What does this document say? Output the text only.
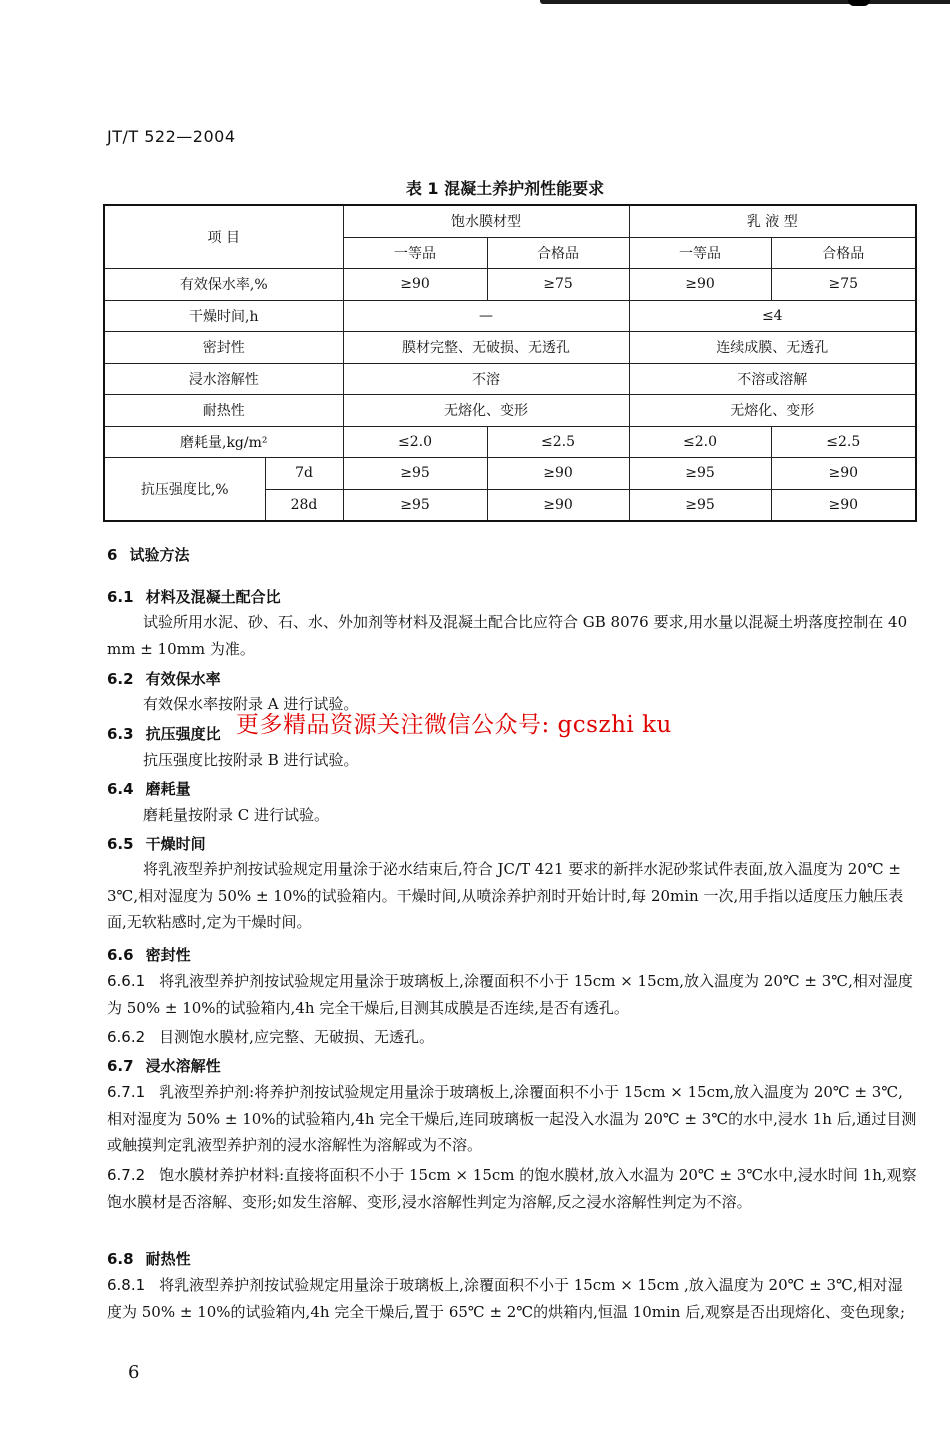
JT/T 522—2004
表 1 混凝土养护剂性能要求
项 目		饱水膜材型		乳 液 型	
		一等品	合格品	一等品	合格品
有效保水率,%		≥90	≥75	≥90	≥75
干燥时间,h		—		≤4	
密封性		膜材完整、无破损、无透孔		连续成膜、无透孔	
浸水溶解性		不溶		不溶或溶解	
耐热性		无熔化、变形		无熔化、变形	
磨耗量,kg/m²		≤2.0	≤2.5	≤2.0	≤2.5
抗压强度比,%	7d	≥95	≥90	≥95	≥90
	28d	≥95	≥90	≥95	≥90
6 试验方法
6.1 材料及混凝土配合比
试验所用水泥、砂、石、水、外加剂等材料及混凝土配合比应符合 GB 8076 要求,用水量以混凝土坍落度控制在 40 mm ± 10mm 为准。
6.2 有效保水率
有效保水率按附录 A 进行试验。
6.3 抗压强度比
抗压强度比按附录 B 进行试验。
6.4 磨耗量
磨耗量按附录 C 进行试验。
6.5 干燥时间
将乳液型养护剂按试验规定用量涂于泌水结束后,符合 JC/T 421 要求的新拌水泥砂浆试件表面,放入温度为 20℃ ± 3℃,相对湿度为 50% ± 10%的试验箱内。干燥时间,从喷涂养护剂时开始计时,每 20min 一次,用手指以适度压力触压表面,无软粘感时,定为干燥时间。
6.6 密封性
6.6.1 将乳液型养护剂按试验规定用量涂于玻璃板上,涂覆面积不小于 15cm × 15cm,放入温度为 20℃ ± 3℃,相对湿度为 50% ± 10%的试验箱内,4h 完全干燥后,目测其成膜是否连续,是否有透孔。
6.6.2 目测饱水膜材,应完整、无破损、无透孔。
6.7 浸水溶解性
6.7.1 乳液型养护剂:将养护剂按试验规定用量涂于玻璃板上,涂覆面积不小于 15cm × 15cm,放入温度为 20℃ ± 3℃,相对湿度为 50% ± 10%的试验箱内,4h 完全干燥后,连同玻璃板一起没入水温为 20℃ ± 3℃的水中,浸水 1h 后,通过目测或触摸判定乳液型养护剂的浸水溶解性为溶解或为不溶。
6.7.2 饱水膜材养护材料:直接将面积不小于 15cm × 15cm 的饱水膜材,放入水温为 20℃ ± 3℃水中,浸水时间 1h,观察饱水膜材是否溶解、变形;如发生溶解、变形,浸水溶解性判定为溶解,反之浸水溶解性判定为不溶。
6.8 耐热性
6.8.1 将乳液型养护剂按试验规定用量涂于玻璃板上,涂覆面积不小于 15cm × 15cm ,放入温度为 20℃ ± 3℃,相对湿度为 50% ± 10%的试验箱内,4h 完全干燥后,置于 65℃ ± 2℃的烘箱内,恒温 10min 后,观察是否出现熔化、变色现象;
更多精品资源关注微信公众号: gcszhi ku
6
